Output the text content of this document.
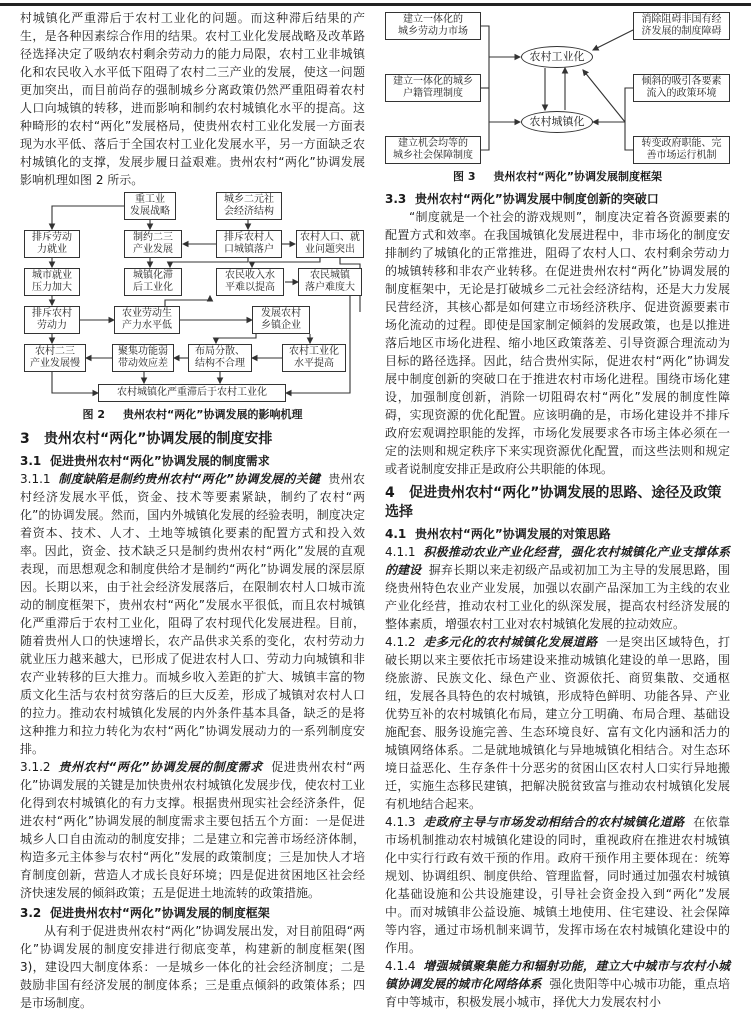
村城镇化严重滞后于农村工业化的问题。而这种滞后结果的产生，是各种因素综合作用的结果。农村工业化发展战略及改革路径选择决定了吸纳农村剩余劳动力的能力局限，农村工业非城镇化和农民收入水平低下阻碍了农村二三产业的发展，使这一问题更加突出，而目前尚存的强制城乡分离政策仍然严重阻碍着农村人口向城镇的转移，进而影响和制约农村城镇化水平的提高。这种畸形的农村“两化”发展格局，使贵州农村工业化发展一方面表现为水平低、落后于全国农村工业化发展水平，另一方面缺乏农村城镇化的支撑，发展步履日益艰难。贵州农村“两化”协调发展影响机理如图 2 所示。

重工业
发展战略
城乡二元社
会经济结构
排斥劳动
力就业
制约二三
产业发展
排斥农村人
口城镇落户
农村人口、就
业问题突出
城市就业
压力加大
城镇化滞
后工业化
农民收入水
平难以提高
农民城镇
落户难度大
排斥农村
劳动力
农业劳动生
产力水平低
发展农村
乡镇企业
农村二三
产业发展慢
聚集功能弱
带动效应差
布局分散、
结构不合理
农村工业化
水平提高
农村城镇化严重滞后于农村工业化
图 2 贵州农村“两化”协调发展的影响机理
3 贵州农村“两化”协调发展的制度安排
3.1 促进贵州农村“两化”协调发展的制度需求

3.1.1 制度缺陷是制约贵州农村“两化”协调发展的关键 贵州农村经济发展水平低，资金、技术等要素紧缺，制约了农村“两化”的协调发展。然而，国内外城镇化发展的经验表明，制度决定着资本、技术、人才、土地等城镇化要素的配置方式和投入效率。因此，资金、技术缺乏只是制约贵州农村“两化”发展的直观表现，而思想观念和制度供给才是制约“两化”协调发展的深层原因。长期以来，由于社会经济发展落后，在限制农村人口城市流动的制度框架下，贵州农村“两化”发展水平很低，而且农村城镇化严重滞后于农村工业化，阻碍了农村现代化发展进程。目前，随着贵州人口的快速增长，农产品供求关系的变化，农村劳动力就业压力越来越大，已形成了促进农村人口、劳动力向城镇和非农产业转移的巨大推力。而城乡收入差距的扩大、城镇丰富的物质文化生活与农村贫穷落后的巨大反差，形成了城镇对农村人口的拉力。推动农村城镇化发展的内外条件基本具备，缺乏的是将这种推力和拉力转化为农村“两化”协调发展动力的一系列制度安排。

3.1.2 贵州农村“两化”协调发展的制度需求 促进贵州农村“两化”协调发展的关键是加快贵州农村城镇化发展步伐，使农村工业化得到农村城镇化的有力支撑。根据贵州现实社会经济条件，促进农村“两化”协调发展的制度需求主要包括五个方面：一是促进城乡人口自由流动的制度安排；二是建立和完善市场经济体制，构造多元主体参与农村“两化”发展的政策制度；三是加快人才培育制度创新，营造人才成长良好环境；四是促进贫困地区社会经济快速发展的倾斜政策；五是促进土地流转的政策措施。

3.2 促进贵州农村“两化”协调发展的制度框架

从有利于促进贵州农村“两化”协调发展出发，对目前阻碍“两化”协调发展的制度安排进行彻底变革，构建新的制度框架(图 3)，建设四大制度体系：一是城乡一体化的社会经济制度；二是鼓励非国有经济发展的制度体系；三是重点倾斜的政策体系；四是市场制度。

建立一体化的
城乡劳动力市场
建立一体化的城乡
户籍管理制度
建立机会均等的
城乡社会保障制度
农村工业化
农村城镇化
消除阻碍非国有经
济发展的制度障碍
倾斜的吸引各要素
流入的政策环境
转变政府职能、完
善市场运行机制
图 3 贵州农村“两化”协调发展制度框架
3.3 贵州农村“两化”协调发展中制度创新的突破口

“制度就是一个社会的游戏规则”，制度决定着各资源要素的配置方式和效率。在我国城镇化发展进程中，非市场化的制度安排制约了城镇化的正常推进，阻碍了农村人口、农村剩余劳动力的城镇转移和非农产业转移。在促进贵州农村“两化”协调发展的制度框架中，无论是打破城乡二元社会经济结构，还是大力发展民营经济，其核心都是如何建立市场经济秩序、促进资源要素市场化流动的过程。即使是国家制定倾斜的发展政策，也是以推进落后地区市场化进程、缩小地区政策落差、引导资源合理流动为目标的路径选择。因此，结合贵州实际，促进农村“两化”协调发展中制度创新的突破口在于推进农村市场化进程。围绕市场化建设，加强制度创新，消除一切阻碍农村“两化”发展的制度性障碍，实现资源的优化配置。应该明确的是，市场化建设并不排斥政府宏观调控职能的发挥，市场化发展要求各市场主体必须在一定的法则和规定秩序下来实现资源优化配置，而这些法则和规定或者说制度安排正是政府公共职能的体现。

4 促进贵州农村“两化”协调发展的思路、途径及政策选择
4.1 贵州农村“两化”协调发展的对策思路

4.1.1 积极推动农业产业化经营，强化农村城镇化产业支撑体系的建设 摒弃长期以来走初级产品或初加工为主导的发展思路，围绕贵州特色农业产业发展，加强以农副产品深加工为主线的农业产业化经营，推动农村工业化的纵深发展，提高农村经济发展的整体素质，增强农村工业对农村城镇化发展的拉动效应。

4.1.2 走多元化的农村城镇化发展道路 一是突出区域特色，打破长期以来主要依托市场建设来推动城镇化建设的单一思路，围绕旅游、民族文化、绿色产业、资源依托、商贸集散、交通枢纽，发展各具特色的农村城镇，形成特色鲜明、功能各异、产业优势互补的农村城镇化布局，建立分工明确、布局合理、基础设施配套、服务设施完善、生态环境良好、富有文化内涵和活力的城镇网络体系。二是就地城镇化与异地城镇化相结合。对生态环境日益恶化、生存条件十分恶劣的贫困山区农村人口实行异地搬迁，实施生态移民建镇，把解决脱贫致富与推动农村城镇化发展有机地结合起来。

4.1.3 走政府主导与市场发动相结合的农村城镇化道路 在依靠市场机制推动农村城镇化建设的同时，重视政府在推进农村城镇化中实行行政有效干预的作用。政府干预作用主要体现在：统筹规划、协调组织、制度供给、管理监督，同时通过加强农村城镇化基础设施和公共设施建设，引导社会资金投入到“两化”发展中。而对城镇非公益设施、城镇土地使用、住宅建设、社会保障等内容，通过市场机制来调节，发挥市场在农村城镇化建设中的作用。

4.1.4 增强城镇聚集能力和辐射功能，建立大中城市与农村小城镇协调发展的城市化网络体系 强化贵阳等中心城市功能，重点培育中等城市，积极发展小城市，择优大力发展农村小
